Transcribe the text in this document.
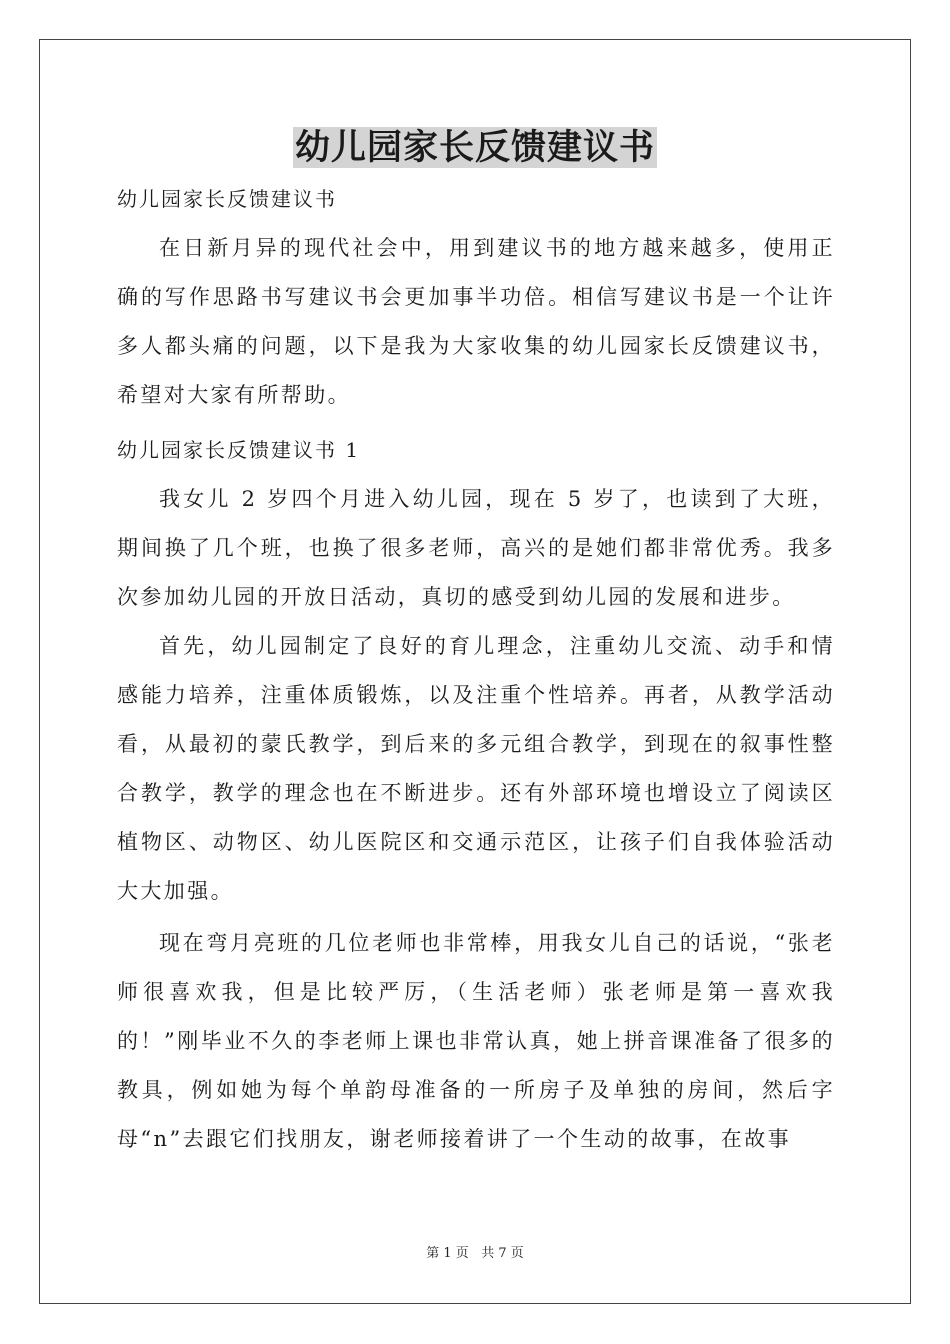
幼儿园家长反馈建议书
幼儿园家长反馈建议书

在日新月异的现代社会中，用到建议书的地方越来越多，使用正确的写作思路书写建议书会更加事半功倍。相信写建议书是一个让许多人都头痛的问题，以下是我为大家收集的幼儿园家长反馈建议书，希望对大家有所帮助。

幼儿园家长反馈建议书 1

我女儿 2 岁四个月进入幼儿园，现在 5 岁了，也读到了大班，期间换了几个班，也换了很多老师，高兴的是她们都非常优秀。我多次参加幼儿园的开放日活动，真切的感受到幼儿园的发展和进步。

首先，幼儿园制定了良好的育儿理念，注重幼儿交流、动手和情感能力培养，注重体质锻炼，以及注重个性培养。再者，从教学活动看，从最初的蒙氏教学，到后来的多元组合教学，到现在的叙事性整合教学，教学的理念也在不断进步。还有外部环境也增设立了阅读区植物区、动物区、幼儿医院区和交通示范区，让孩子们自我体验活动大大加强。

现在弯月亮班的几位老师也非常棒，用我女儿自己的话说，“张老师很喜欢我，但是比较严厉，（生活老师）张老师是第一喜欢我的！”刚毕业不久的李老师上课也非常认真，她上拼音课准备了很多的教具，例如她为每个单韵母准备的一所房子及单独的房间，然后字母“n”去跟它们找朋友，谢老师接着讲了一个生动的故事，在故事

第 1 页   共 7 页
